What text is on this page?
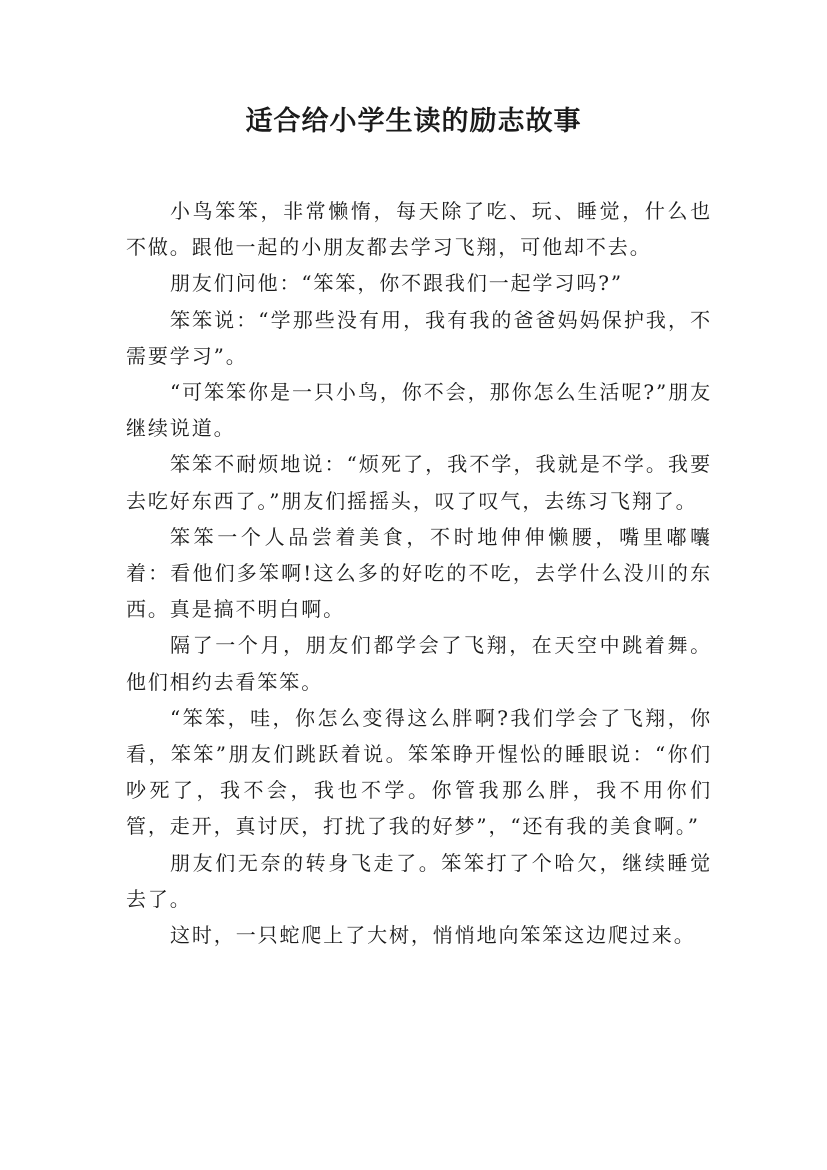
适合给小学生读的励志故事

小鸟笨笨，非常懒惰，每天除了吃、玩、睡觉，什么也不做。跟他一起的小朋友都去学习飞翔，可他却不去。

朋友们问他：“笨笨，你不跟我们一起学习吗?”

笨笨说：“学那些没有用，我有我的爸爸妈妈保护我，不需要学习”。

“可笨笨你是一只小鸟，你不会，那你怎么生活呢?”朋友继续说道。

笨笨不耐烦地说：“烦死了，我不学，我就是不学。我要去吃好东西了。”朋友们摇摇头，叹了叹气，去练习飞翔了。

笨笨一个人品尝着美食，不时地伸伸懒腰，嘴里嘟囔着：看他们多笨啊!这么多的好吃的不吃，去学什么没川的东西。真是搞不明白啊。

隔了一个月，朋友们都学会了飞翔，在天空中跳着舞。他们相约去看笨笨。

“笨笨，哇，你怎么变得这么胖啊?我们学会了飞翔，你看，笨笨”朋友们跳跃着说。笨笨睁开惺忪的睡眼说：“你们吵死了，我不会，我也不学。你管我那么胖，我不用你们管，走开，真讨厌，打扰了我的好梦”，“还有我的美食啊。”

朋友们无奈的转身飞走了。笨笨打了个哈欠，继续睡觉去了。

这时，一只蛇爬上了大树，悄悄地向笨笨这边爬过来。
